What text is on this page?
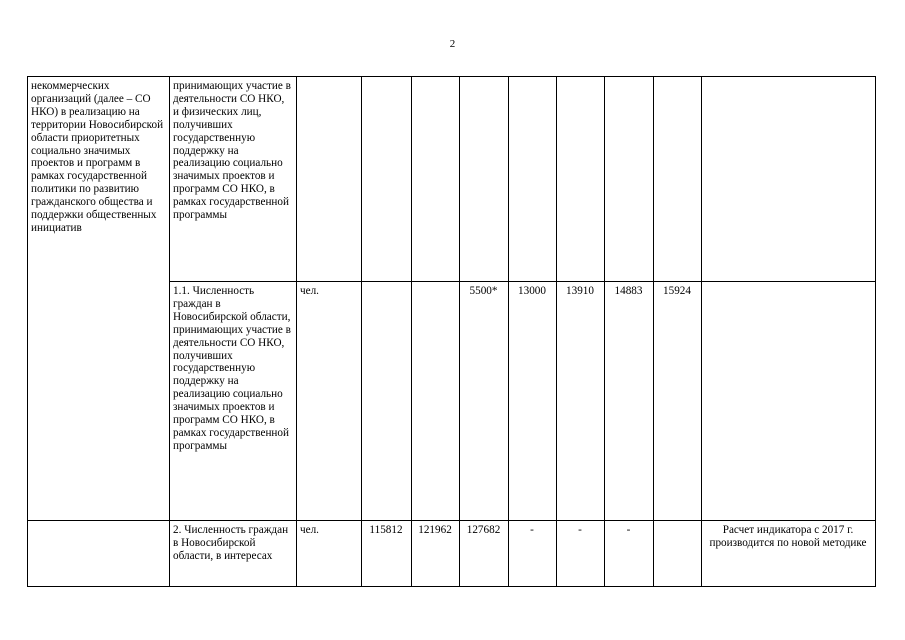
2
некоммерческих организаций (далее – СО НКО) в реализацию на территории Новосибирской области приоритетных социально значимых проектов и программ в рамках государственной политики по развитию гражданского общества и поддержки общественных инициатив	принимающих участие в деятельности СО НКО, и физических лиц, получивших государственную поддержку на реализацию социально значимых проектов и программ СО НКО, в рамках государственной программы									
	1.1. Численность граждан в Новосибирской области, принимающих участие в деятельности СО НКО, получивших государственную поддержку на реализацию социально значимых проектов и программ СО НКО, в рамках государственной программы	чел.			5500*	13000	13910	14883	15924	
	2. Численность граждан в Новосибирской области, в интересах	чел.	115812	121962	127682	-	-	-		Расчет индикатора с 2017 г. производится по новой методике
